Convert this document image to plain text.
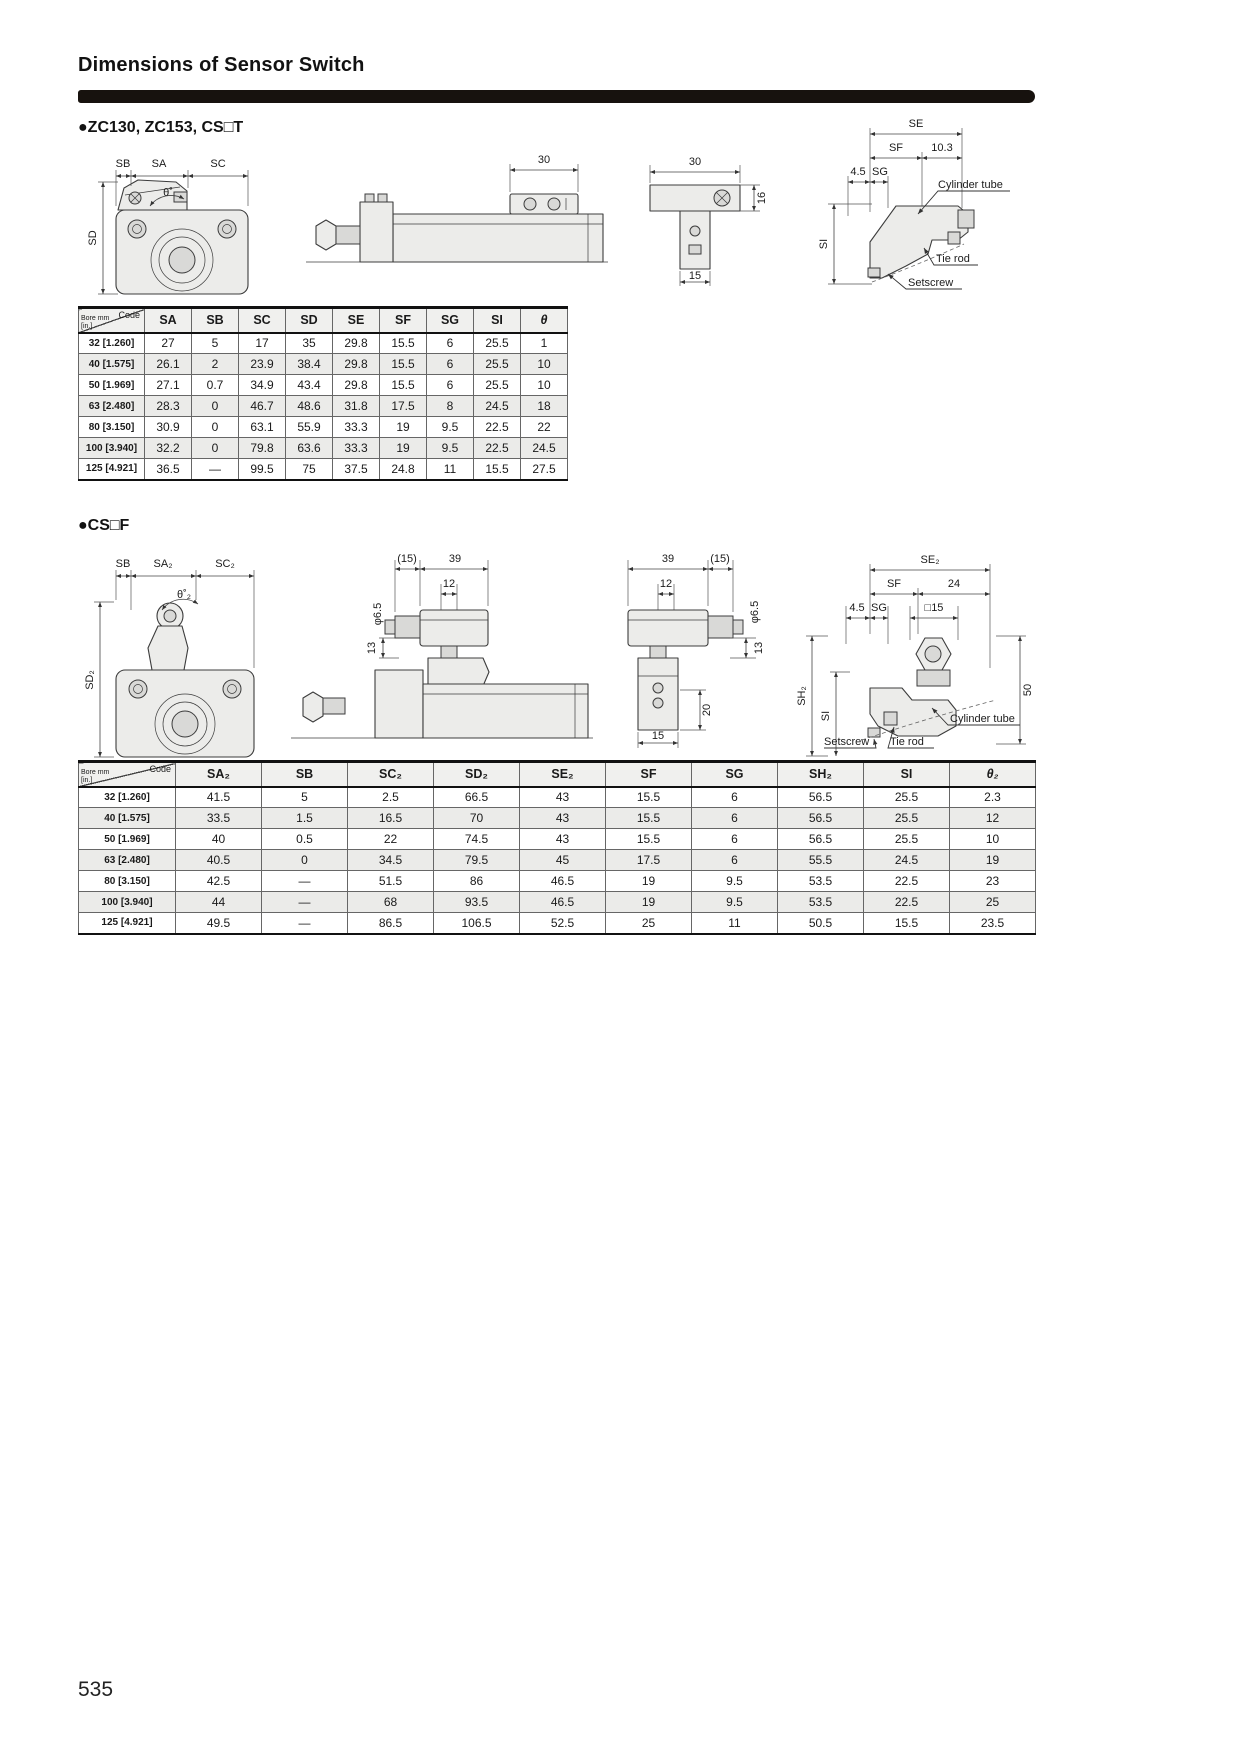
Dimensions of Sensor Switch
●ZC130, ZC153, CS□T
SB SA	SC
θ˚
SD
30	30
16
15
SE
SF	10.3
4.5 SG
SI
Cylinder tube
Tie rod
Setscrew
Code
Bore mm [in.]	SA	SB	SC	SD	SE	SF	SG	SI	θ
32 [1.260]	27	5	17	35	29.8	15.5	6	25.5	1
40 [1.575]	26.1	2	23.9	38.4	29.8	15.5	6	25.5	10
50 [1.969]	27.1	0.7	34.9	43.4	29.8	15.5	6	25.5	10
63 [2.480]	28.3	0	46.7	48.6	31.8	17.5	8	24.5	18
80 [3.150]	30.9	0	63.1	55.9	33.3	19	9.5	22.5	22
100 [3.940]	32.2	0	79.8	63.6	33.3	19	9.5	22.5	24.5
125 [4.921]	36.5	—	99.5	75	37.5	24.8	11	15.5	27.5
●CS□F
SB SA₂	SC₂
θ˚₂
SD₂
(15)	39
12
φ6.5
13
39	(15)
12
φ6.5
13
20
15
SE₂
SF	24
4.5 SG	□15
SH₂
SI
50
Setscrew Tie rod
Cylinder tube
Code
Bore mm [in.]	SA₂	SB	SC₂	SD₂	SE₂	SF	SG	SH₂	SI	θ₂
32 [1.260]	41.5	5	2.5	66.5	43	15.5	6	56.5	25.5	2.3
40 [1.575]	33.5	1.5	16.5	70	43	15.5	6	56.5	25.5	12
50 [1.969]	40	0.5	22	74.5	43	15.5	6	56.5	25.5	10
63 [2.480]	40.5	0	34.5	79.5	45	17.5	6	55.5	24.5	19
80 [3.150]	42.5	—	51.5	86	46.5	19	9.5	53.5	22.5	23
100 [3.940]	44	—	68	93.5	46.5	19	9.5	53.5	22.5	25
125 [4.921]	49.5	—	86.5	106.5	52.5	25	11	50.5	15.5	23.5
535
